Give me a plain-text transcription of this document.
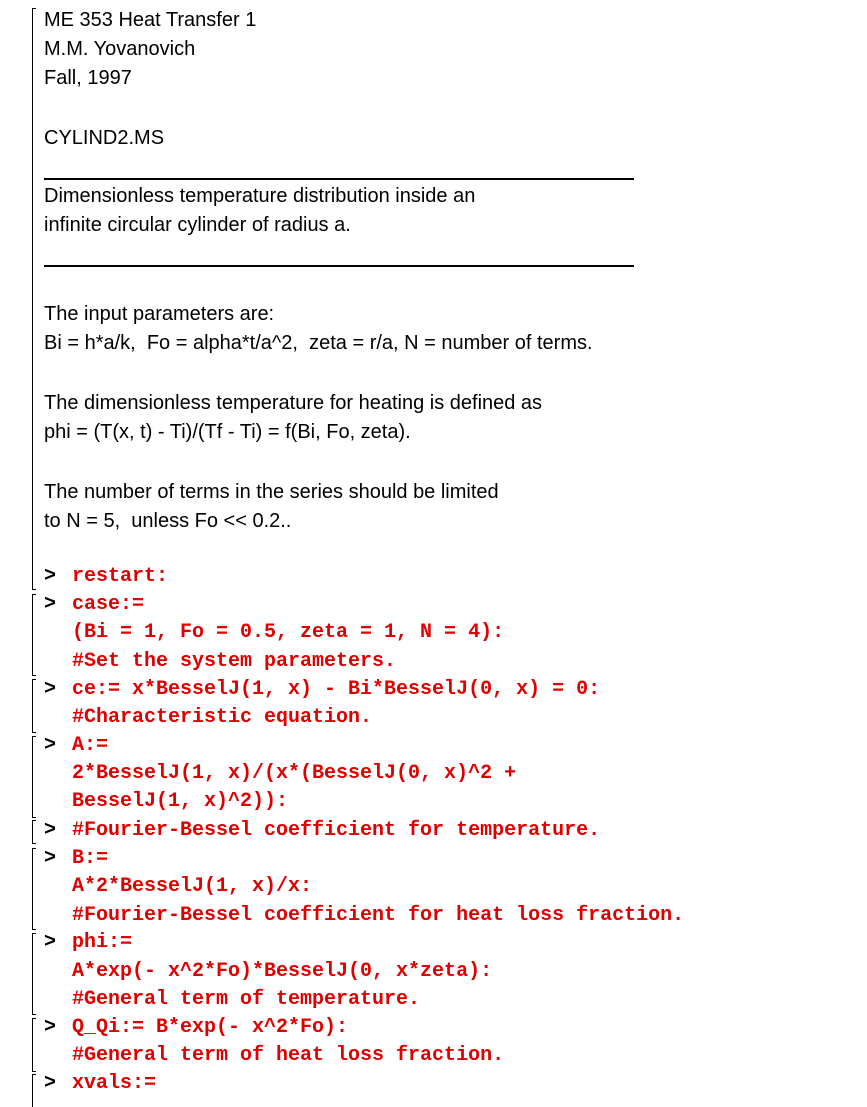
ME 353 Heat Transfer 1
M.M. Yovanovich
Fall, 1997
CYLIND2.MS
Dimensionless temperature distribution inside an
infinite circular cylinder of radius a.
The input parameters are:
Bi = h*a/k,  Fo = alpha*t/a^2,  zeta = r/a, N = number of terms.
The dimensionless temperature for heating is defined as
phi = (T(x, t) - Ti)/(Tf - Ti) = f(Bi, Fo, zeta).
The number of terms in the series should be limited
to N = 5,  unless Fo << 0.2..
> restart:
> case:=
(Bi = 1, Fo = 0.5, zeta = 1, N = 4):
#Set the system parameters.
> ce:= x*BesselJ(1, x) - Bi*BesselJ(0, x) = 0:
#Characteristic equation.
> A:=
2*BesselJ(1, x)/(x*(BesselJ(0, x)^2 +
BesselJ(1, x)^2)):
> #Fourier-Bessel coefficient for temperature.
> B:=
A*2*BesselJ(1, x)/x:
#Fourier-Bessel coefficient for heat loss fraction.
> phi:=
A*exp(- x^2*Fo)*BesselJ(0, x*zeta):
#General term of temperature.
> Q_Qi:= B*exp(- x^2*Fo):
#General term of heat loss fraction.
> xvals:=
